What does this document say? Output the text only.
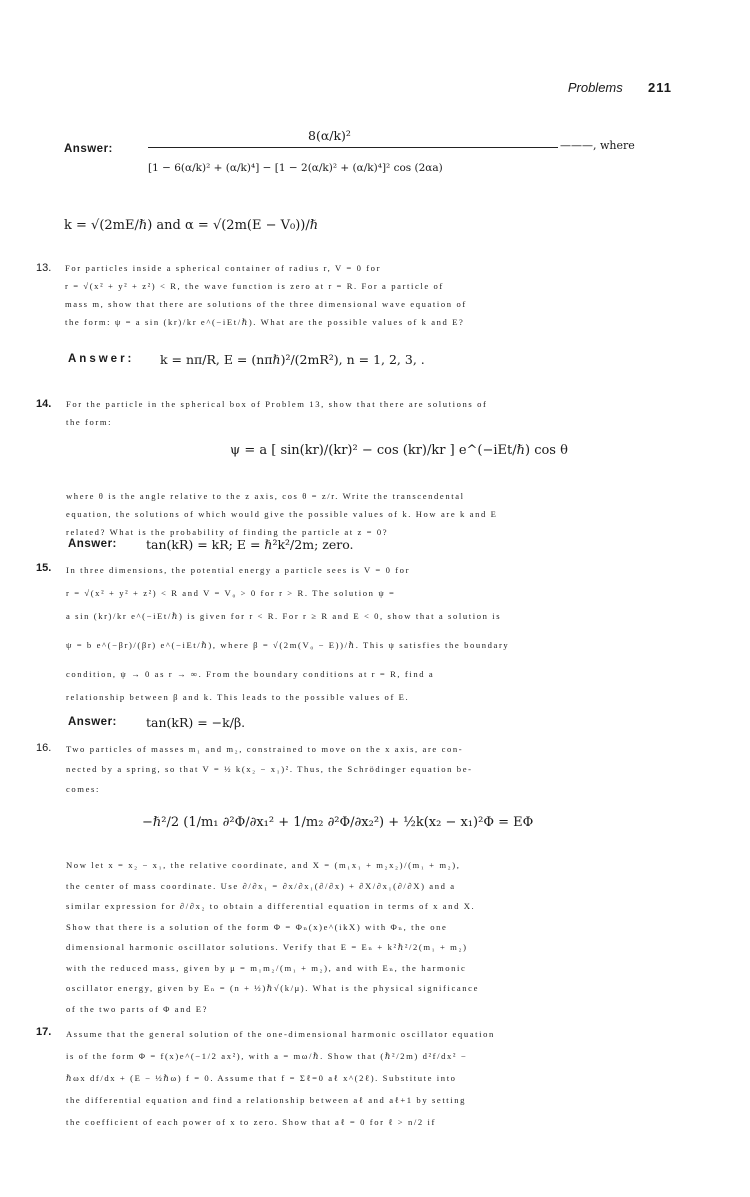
Problems 211
Answer:
8(α/k)²
[1 − 6(α/k)² + (α/k)⁴] − [1 − 2(α/k)² + (α/k)⁴]² cos (2αa)
———, where
k = √(2mE/ℏ) and α = √(2m(E − V₀))/ℏ
13. For particles inside a spherical container of radius r, V = 0 for
r = √(x² + y² + z²) < R, the wave function is zero at r = R. For a particle of
mass m, show that there are solutions of the three dimensional wave equation of
the form: ψ = a sin (kr)/kr e^(−iEt/ℏ). What are the possible values of k and E?
Answer: k = nπ/R, E = (nπℏ)²/(2mR²), n = 1, 2, 3, .
14. For the particle in the spherical box of Problem 13, show that there are solutions of
the form:
ψ = a [ sin(kr)/(kr)² − cos (kr)/kr ] e^(−iEt/ℏ) cos θ
where θ is the angle relative to the z axis, cos θ = z/r. Write the transcendental
equation, the solutions of which would give the possible values of k. How are k and E
related? What is the probability of finding the particle at z = 0?
Answer: tan(kR) = kR; E = ℏ²k²/2m; zero.
15. In three dimensions, the potential energy a particle sees is V = 0 for
r = √(x² + y² + z²) < R and V = V₀ > 0 for r > R. The solution ψ =
a sin (kr)/kr e^(−iEt/ℏ) is given for r < R. For r ≥ R and E < 0, show that a solution is
ψ = b e^(−βr)/(βr) e^(−iEt/ℏ), where β = √(2m(V₀ − E))/ℏ. This ψ satisfies the boundary
condition, ψ → 0 as r → ∞. From the boundary conditions at r = R, find a
relationship between β and k. This leads to the possible values of E.
Answer: tan(kR) = −k/β.
16. Two particles of masses m₁ and m₂, constrained to move on the x axis, are con-
nected by a spring, so that V = ½ k(x₂ − x₁)². Thus, the Schrödinger equation be-
comes:
−ℏ²/2 (1/m₁ ∂²Φ/∂x₁² + 1/m₂ ∂²Φ/∂x₂²) + ½k(x₂ − x₁)²Φ = EΦ
Now let x = x₂ − x₁, the relative coordinate, and X = (m₁x₁ + m₂x₂)/(m₁ + m₂),
the center of mass coordinate. Use ∂/∂x₁ = ∂x/∂x₁(∂/∂x) + ∂X/∂x₁(∂/∂X) and a
similar expression for ∂/∂x₂ to obtain a differential equation in terms of x and X.
Show that there is a solution of the form Φ = Φₙ(x)e^(ikX) with Φₙ, the one
dimensional harmonic oscillator solutions. Verify that E = Eₙ + k²ℏ²/2(m₁ + m₂)
with the reduced mass, given by μ = m₁m₂/(m₁ + m₂), and with Eₙ, the harmonic
oscillator energy, given by Eₙ = (n + ½)ℏ√(k/μ). What is the physical significance
of the two parts of Φ and E?
17. Assume that the general solution of the one-dimensional harmonic oscillator equation
is of the form Φ = f(x)e^(−1/2 ax²), with a = mω/ℏ. Show that (ℏ²/2m) d²f/dx² −
ℏωx df/dx + (E − ½ℏω) f = 0. Assume that f = Σℓ=0 aℓ x^(2ℓ). Substitute into
the differential equation and find a relationship between aℓ and aℓ+1 by setting
the coefficient of each power of x to zero. Show that aℓ = 0 for ℓ > n/2 if
